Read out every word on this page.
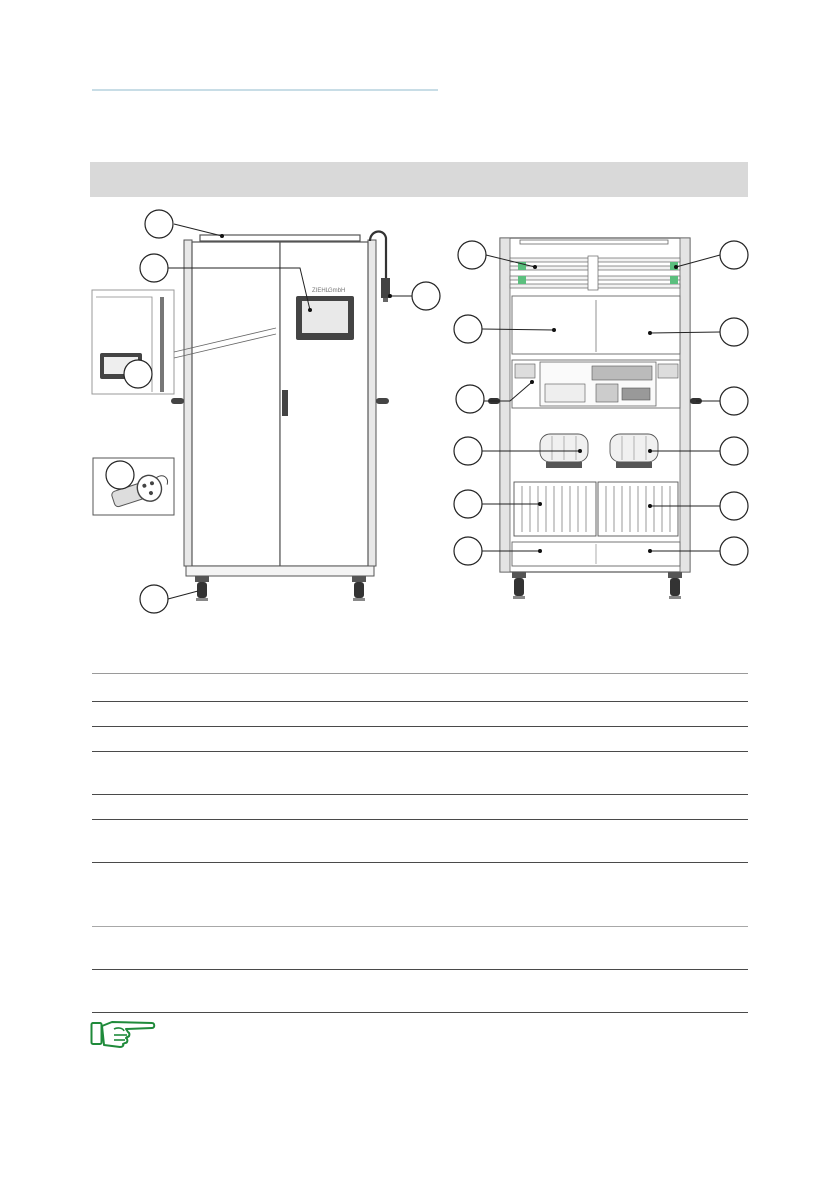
ZIEHL
GmbH
